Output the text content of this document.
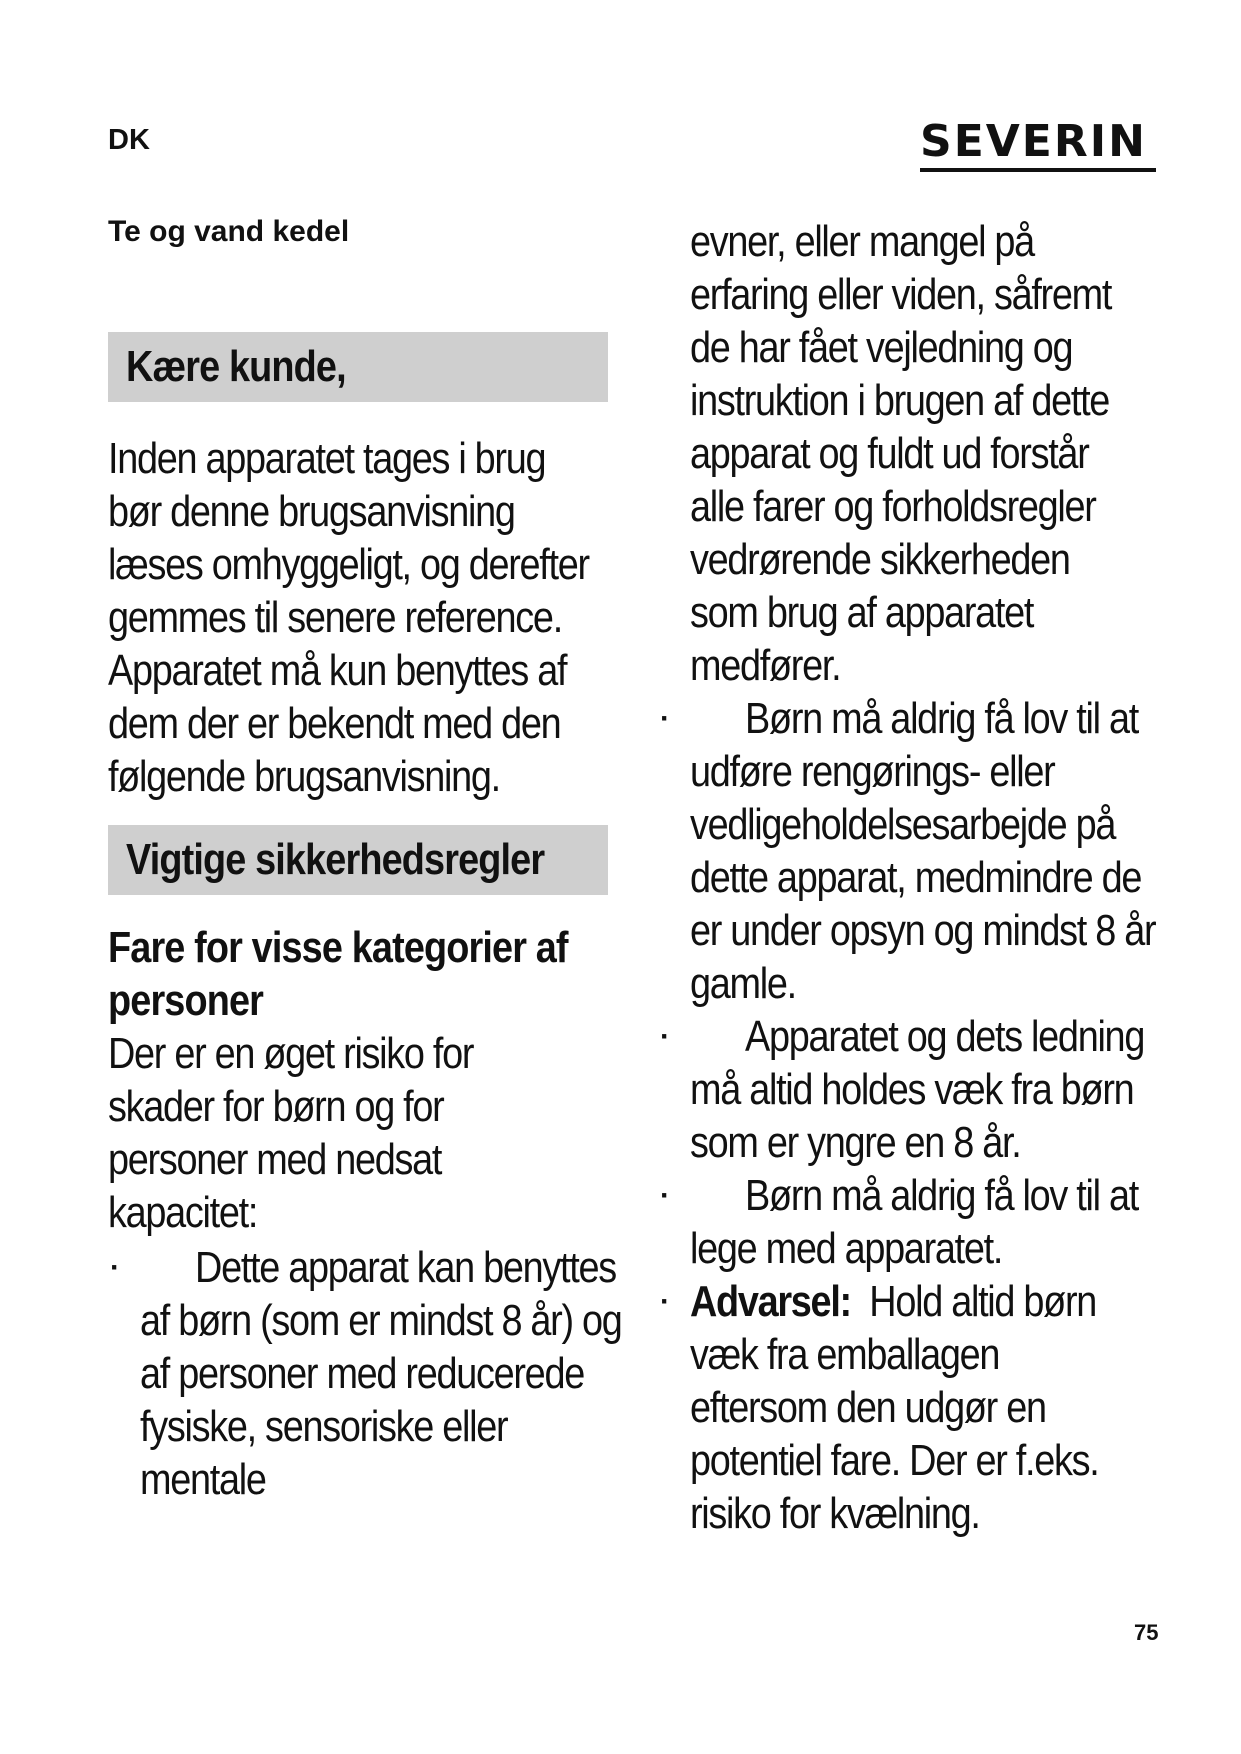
DK	SEVERIN
Te og vand kedel
Kære kunde,

Inden apparatet tages i brug bør denne brugsanvisning læses omhyggeligt, og derefter gemmes til senere reference. Apparatet må kun benyttes af dem der er bekendt med den følgende brugsanvisning.

Vigtige sikkerhedsregler

Fare for visse kategorier af personer

Der er en øget risiko for skader for børn og for personer med nedsat kapacitet:

·	Dette apparat kan benyttes af børn (som er mindst 8 år) og af personer med reducerede fysiske, sensoriske eller mentale

evner, eller mangel på erfaring eller viden, såfremt de har fået vejledning og instruktion i brugen af dette apparat og fuldt ud forstår alle farer og forholdsregler vedrørende sikkerheden som brug af apparatet medfører.

·	Børn må aldrig få lov til at udføre rengørings- eller vedligeholdelsesarbejde på dette apparat, medmindre de er under opsyn og mindst 8 år gamle.

·	Apparatet og dets ledning må altid holdes væk fra børn som er yngre en 8 år.

·	Børn må aldrig få lov til at lege med apparatet.

· Advarsel: Hold altid børn væk fra emballagen eftersom den udgør en potentiel fare. Der er f.eks. risiko for kvælning.

75
